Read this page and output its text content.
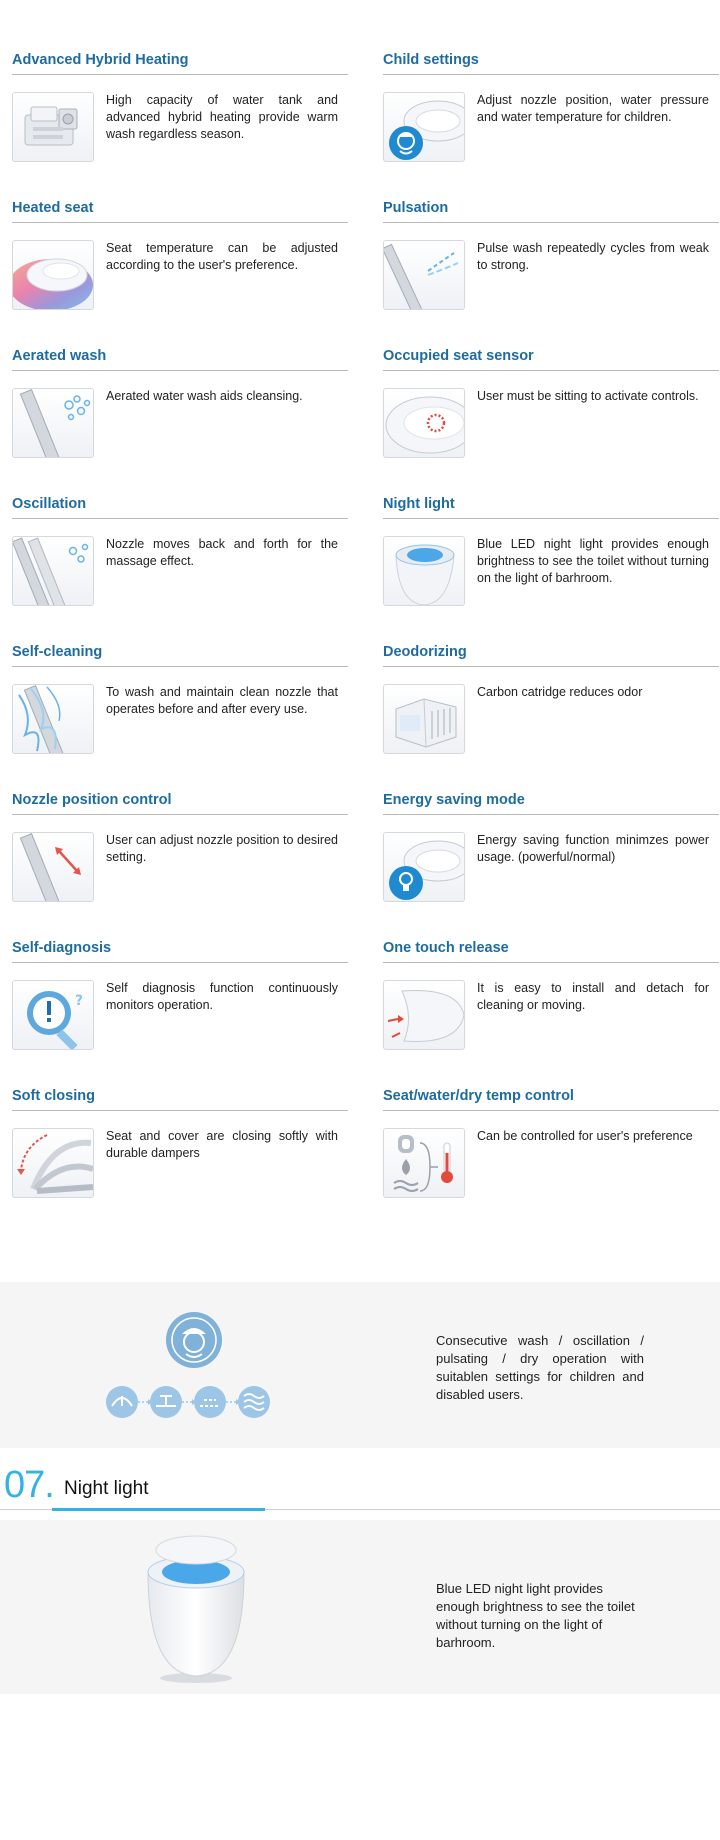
Advanced Hybrid Heating
High capacity of water tank and advanced hybrid heating provide warm wash regardless season.
Child settings
Adjust nozzle position, water pressure and water temperature for children.
Heated seat
Seat temperature can be adjusted according to the user's preference.
Pulsation
Pulse wash repeatedly cycles from weak to strong.
Aerated wash
Aerated water wash aids cleansing.
Occupied seat sensor
User must be sitting to activate controls.
Oscillation
Nozzle moves back and forth for the massage effect.
Night light
Blue LED night light provides enough brightness to see the toilet without turning on the light of barhroom.
Self-cleaning
To wash and maintain clean nozzle that operates before and after every use.
Deodorizing
Carbon catridge reduces odor
Nozzle position control
User can adjust nozzle position to desired setting.
Energy saving mode
Energy saving function minimzes power usage. (powerful/normal)
Self-diagnosis
?
Self diagnosis function continuously monitors operation.
One touch release
It is easy to install and detach for cleaning or moving.
Soft closing
Seat and cover are closing softly with durable dampers
Seat/water/dry temp control
Can be controlled for user's preference
Consecutive wash / oscillation / pulsating / dry operation with suitablen settings for children and disabled users.
07. Night light
Blue LED night light provides enough brightness to see the toilet without turning on the light of barhroom.
